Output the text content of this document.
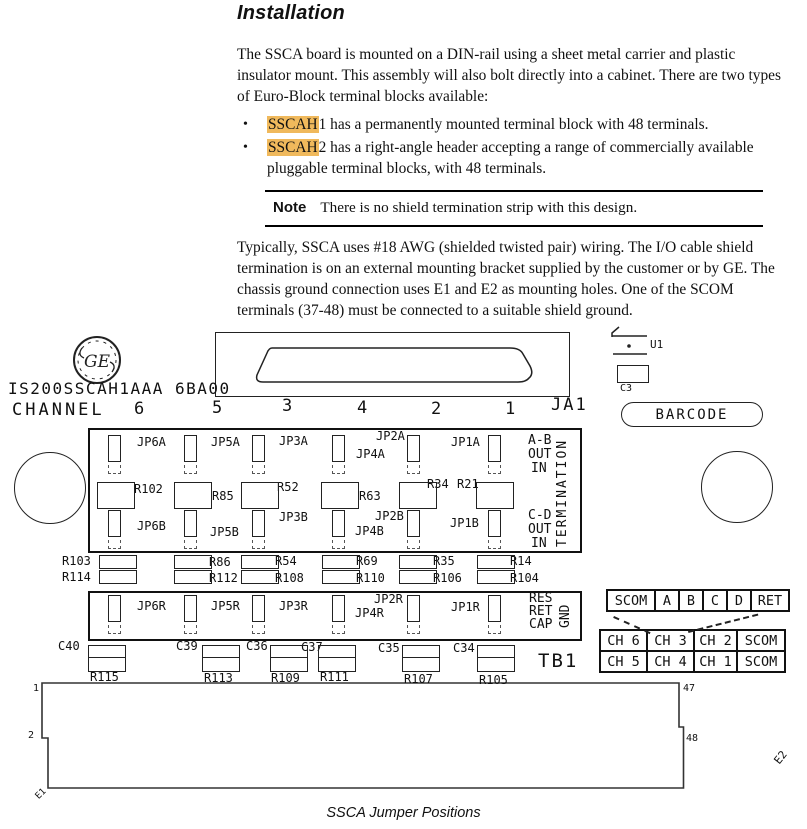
Installation
The SSCA board is mounted on a DIN-rail using a sheet metal carrier and plastic insulator mount. This assembly will also bolt directly into a cabinet. There are two types of Euro-Block terminal blocks available:
•	SSCAH1 has a permanently mounted terminal block with 48 terminals.
•	SSCAH2 has a right-angle header accepting a range of commercially available pluggable terminal blocks, with 48 terminals.
Note There is no shield termination strip with this design.
Typically, SSCA uses #18 AWG (shielded twisted pair) wiring. The I/O cable shield termination is on an external mounting bracket supplied by the customer or by GE. The chassis ground connection uses E1 and E2 as mounting holes. One of the SCOM terminals (37-48) must be connected to a suitable shield ground.
BARCODE
SCOM	A	B	C	D	RET
CH 6	CH 3 CH 2 SCOM
CH 5	CH 4 CH 1 SCOM
GE
IS200SSCAH1AAA 6BA00
CHANNEL 6	5	3	4	2	1 JA1
U1
C3
JP6A	JP5A	JP3A	JP2A
JP4A
JP1A	A-B
OUT
IN TERMINATION
R102	R85
R52
R63
R34 R21
JP6B	JP5B
JP3B	JP2B
JP4B
JP1B	C-D
OUT
IN
R103	R86	R54	R69	R35	R14
R114	R112	R108	R110	R106	R104
JP6R	JP5R	JP3R	JP2R
JP4R	JP1R
RES
RET
CAP GND
C40	C39	C36	C37	C35	C34
R115	R113	R109 R111	R107	R105
TB1
1
2
47
48
E2
E1
SSCA Jumper Positions
